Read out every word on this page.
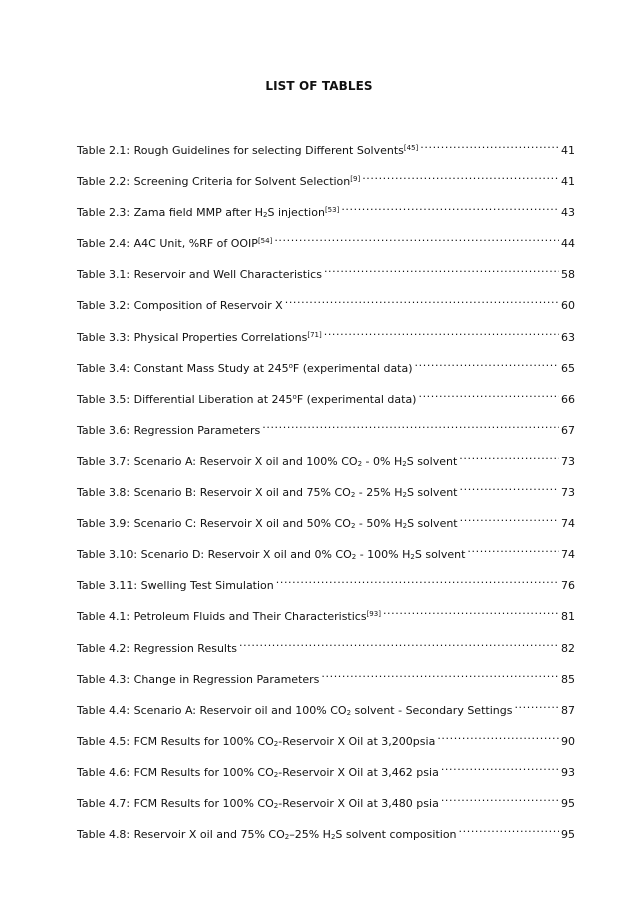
LIST OF TABLES
Table 2.1: Rough Guidelines for selecting Different Solvents[45] .....	41
Table 2.2: Screening Criteria for Solvent Selection[9] .....	41
Table 2.3: Zama field MMP after $H_2S$ injection[53] .....	43
Table 2.4: A4C Unit, %RF of OOIP[54] .....	44
Table 3.1: Reservoir and Well Characteristics .....	58
Table 3.2: Composition of Reservoir X .....	60
Table 3.3: Physical Properties Correlations[71] .....	63
Table 3.4: Constant Mass Study at 245$^o$F (experimental data) .....	65
Table 3.5: Differential Liberation at 245$^o$F (experimental data) .....	66
Table 3.6: Regression Parameters .....	67
Table 3.7: Scenario A: Reservoir X oil and 100% $CO_2 - 0\%$ $H_2S$ solvent .....	73
Table 3.8: Scenario B: Reservoir X oil and 75% $CO_2 - 25\%$ $H_2S$ solvent .....	73
Table 3.9: Scenario C: Reservoir X oil and 50% $CO_2 - 50\%$ $H_2S$ solvent .....	74
Table 3.10: Scenario D: Reservoir X oil and 0% $CO_2 - 100\%$ $H_2S$ solvent .....	74
Table 3.11: Swelling Test Simulation .....	76
Table 4.1: Petroleum Fluids and Their Characteristics[93] .....	81
Table 4.2: Regression Results .....	82
Table 4.3: Change in Regression Parameters .....	85
Table 4.4: Scenario A: Reservoir oil and 100% $CO_2$ solvent - Secondary Settings .....	87
Table 4.5: FCM Results for 100% $CO_2$-Reservoir X Oil at 3,200psia .....	90
Table 4.6: FCM Results for 100% $CO_2$-Reservoir X Oil at 3,462 psia .....	93
Table 4.7: FCM Results for 100% $CO_2$-Reservoir X Oil at 3,480 psia .....	95
Table 4.8: Reservoir X oil and 75% $CO_2-25\%$ $H_2S$ solvent composition .....	95
